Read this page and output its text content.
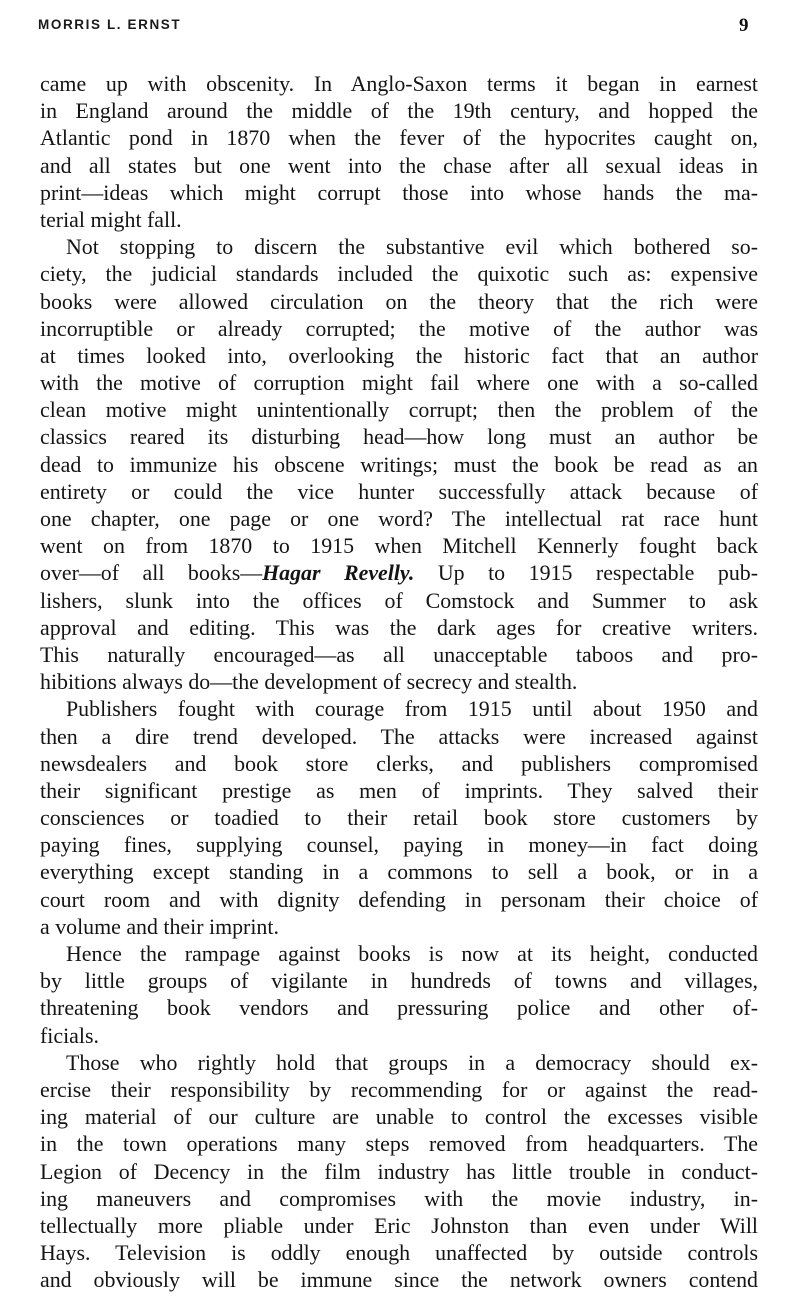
MORRIS L. ERNST	9
came up with obscenity. In Anglo-Saxon terms it began in earnest
in England around the middle of the 19th century, and hopped the
Atlantic pond in 1870 when the fever of the hypocrites caught on,
and all states but one went into the chase after all sexual ideas in
print—ideas which might corrupt those into whose hands the ma-
terial might fall.
Not stopping to discern the substantive evil which bothered so-
ciety, the judicial standards included the quixotic such as: expensive
books were allowed circulation on the theory that the rich were
incorruptible or already corrupted; the motive of the author was
at times looked into, overlooking the historic fact that an author
with the motive of corruption might fail where one with a so-called
clean motive might unintentionally corrupt; then the problem of the
classics reared its disturbing head—how long must an author be
dead to immunize his obscene writings; must the book be read as an
entirety or could the vice hunter successfully attack because of
one chapter, one page or one word? The intellectual rat race hunt
went on from 1870 to 1915 when Mitchell Kennerly fought back
over—of all books—Hagar Revelly. Up to 1915 respectable pub-
lishers, slunk into the offices of Comstock and Summer to ask
approval and editing. This was the dark ages for creative writers.
This naturally encouraged—as all unacceptable taboos and pro-
hibitions always do—the development of secrecy and stealth.
Publishers fought with courage from 1915 until about 1950 and
then a dire trend developed. The attacks were increased against
newsdealers and book store clerks, and publishers compromised
their significant prestige as men of imprints. They salved their
consciences or toadied to their retail book store customers by
paying fines, supplying counsel, paying in money—in fact doing
everything except standing in a commons to sell a book, or in a
court room and with dignity defending in personam their choice of
a volume and their imprint.
Hence the rampage against books is now at its height, conducted
by little groups of vigilante in hundreds of towns and villages,
threatening book vendors and pressuring police and other of-
ficials.
Those who rightly hold that groups in a democracy should ex-
ercise their responsibility by recommending for or against the read-
ing material of our culture are unable to control the excesses visible
in the town operations many steps removed from headquarters. The
Legion of Decency in the film industry has little trouble in conduct-
ing maneuvers and compromises with the movie industry, in-
tellectually more pliable under Eric Johnston than even under Will
Hays. Television is oddly enough unaffected by outside controls
and obviously will be immune since the network owners contend
